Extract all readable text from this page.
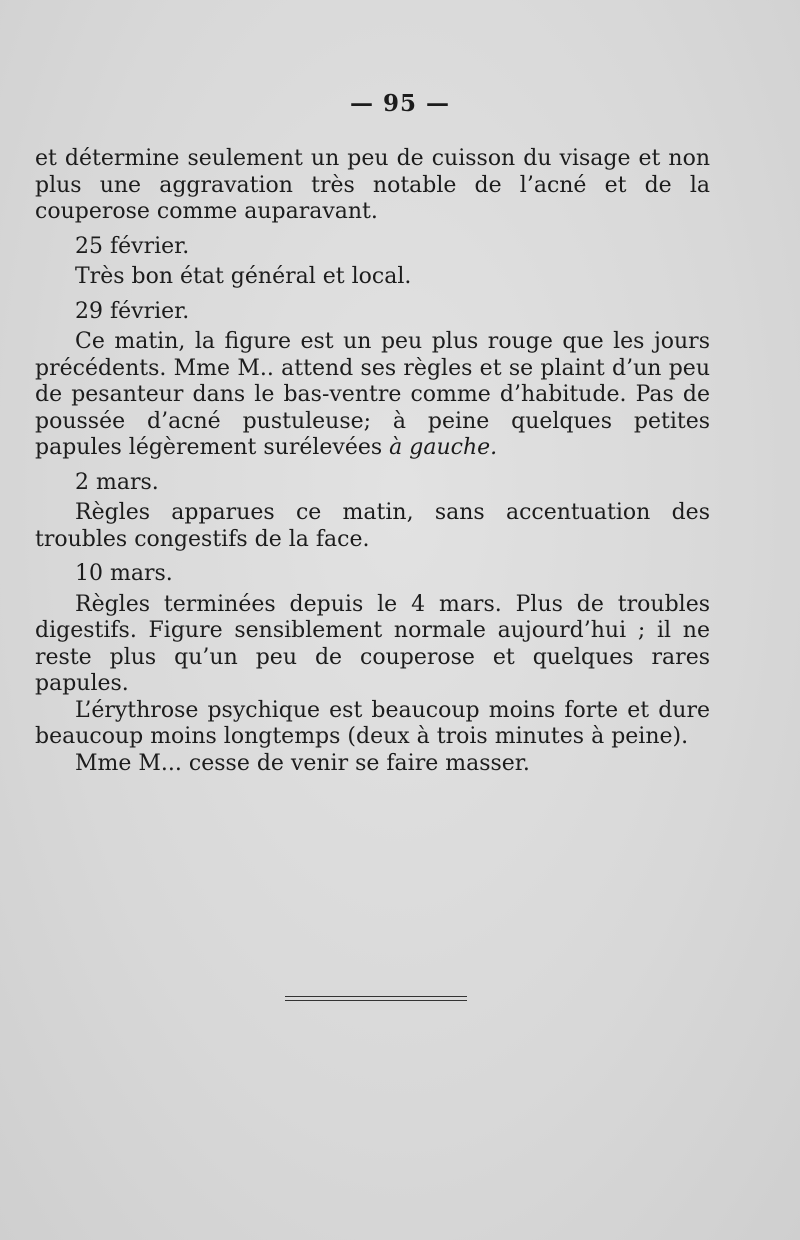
— 95 —

et détermine seulement un peu de cuisson du visage et non plus une aggravation très notable de l’acné et de la couperose comme auparavant.

25 février.

Très bon état général et local.

29 février.

Ce matin, la figure est un peu plus rouge que les jours précédents. Mme M.. attend ses règles et se plaint d’un peu de pesanteur dans le bas-ventre comme d’habitude. Pas de poussée d’acné pustuleuse; à peine quelques petites papules légèrement surélevées à gauche.

2 mars.

Règles apparues ce matin, sans accentuation des troubles congestifs de la face.

10 mars.

Règles terminées depuis le 4 mars. Plus de troubles digestifs. Figure sensiblement normale aujourd’hui ; il ne reste plus qu’un peu de couperose et quelques rares papules.

L’érythrose psychique est beaucoup moins forte et dure beaucoup moins longtemps (deux à trois minutes à peine).

Mme M... cesse de venir se faire masser.
